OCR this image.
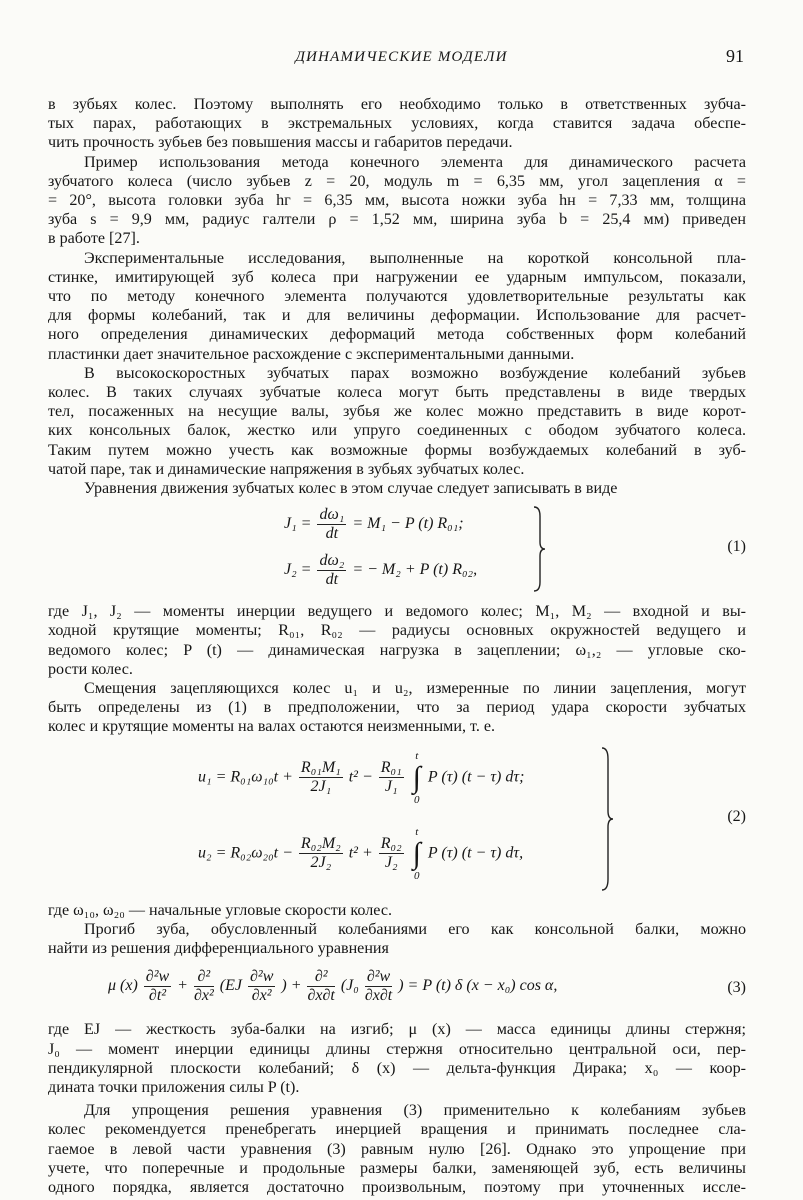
ДИНАМИЧЕСКИЕ МОДЕЛИ	91
в зубьях колес. Поэтому выполнять его необходимо только в ответственных зубча-
тых парах, работающих в экстремальных условиях, когда ставится задача обеспе-
чить прочность зубьев без повышения массы и габаритов передачи.
Пример использования метода конечного элемента для динамического расчета
зубчатого колеса (число зубьев z = 20, модуль m = 6,35 мм, угол зацепления α =
= 20°, высота головки зуба hг = 6,35 мм, высота ножки зуба hн = 7,33 мм, толщина
зуба s = 9,9 мм, радиус галтели ρ = 1,52 мм, ширина зуба b = 25,4 мм) приведен
в работе [27].
Экспериментальные исследования, выполненные на короткой консольной пла-
стинке, имитирующей зуб колеса при нагружении ее ударным импульсом, показали,
что по методу конечного элемента получаются удовлетворительные результаты как
для формы колебаний, так и для величины деформации. Использование для расчет-
ного определения динамических деформаций метода собственных форм колебаний
пластинки дает значительное расхождение с экспериментальными данными.
В высокоскоростных зубчатых парах возможно возбуждение колебаний зубьев
колес. В таких случаях зубчатые колеса могут быть представлены в виде твердых
тел, посаженных на несущие валы, зубья же колес можно представить в виде корот-
ких консольных балок, жестко или упруго соединенных с ободом зубчатого колеса.
Таким путем можно учесть как возможные формы возбуждаемых колебаний в зуб-
чатой паре, так и динамические напряжения в зубьях зубчатых колес.
Уравнения движения зубчатых колес в этом случае следует записывать в виде
$J_1 = \frac{\text{dω₁}}{dt} = M_1 - P$ (t) R₀₁;
$J_2 = \frac{\text{dω₂}}{dt}$ = − M₂ + P (t) R₀₂,
(1)
где J₁, J₂ — моменты инерции ведущего и ведомого колес; M₁, M₂ — входной и вы-
ходной крутящие моменты; R₀₁, R₀₂ — радиусы основных окружностей ведущего и
ведомого колес; P (t) — динамическая нагрузка в зацеплении; ω₁,₂ — угловые ско-
рости колес.
Смещения зацепляющихся колес u₁ и u₂, измеренные по линии зацепления, могут
быть определены из (1) в предположении, что за период удара скорости зубчатых
колес и крутящие моменты на валах остаются неизменными, т. е.
$u_1 = R_{01}\omega_{10}t + \frac{\text{R₀₁M₁}}{\text{2J₁}} t^2 - \frac{\text{R₀₁}}{\text{J₁}}$

t
∫
0
P (τ) (t − τ) dτ;
$u_2 = R_{02}\omega_{20}t - \frac{\text{R₀₂M₂}}{\text{2J₂}} t^2 + \frac{\text{R₀₂}}{\text{J₂}}$

t
∫
0
P (τ) (t − τ) dτ,
(2)
где ω₁₀, ω₂₀ — начальные угловые скорости колес.
Прогиб зуба, обусловленный колебаниями его как консольной балки, можно
найти из решения дифференциального уравнения
μ $(x) \frac{\text{∂²w}}{\text{∂t²}} + \frac{\text{∂²}}{\text{∂x²}} (EJ \frac{\text{∂²w}}{\text{∂x²}}$ ) + $\frac{\text{∂²}}{\partial x\partial t} (J_0 \frac{\text{∂²w}}{\partial x\partial t}$ ) = P (t) δ (x − x₀) cos α,	(3)
где EJ — жесткость зуба-балки на изгиб; μ (x) — масса единицы длины стержня;
J₀ — момент инерции единицы длины стержня относительно центральной оси, пер-
пендикулярной плоскости колебаний; δ (x) — дельта-функция Дирака; x₀ — коор-
дината точки приложения силы P (t).
Для упрощения решения уравнения (3) применительно к колебаниям зубьев
колес рекомендуется пренебрегать инерцией вращения и принимать последнее сла-
гаемое в левой части уравнения (3) равным нулю [26]. Однако это упрощение при
учете, что поперечные и продольные размеры балки, заменяющей зуб, есть величины
одного порядка, является достаточно произвольным, поэтому при уточненных иссле-
